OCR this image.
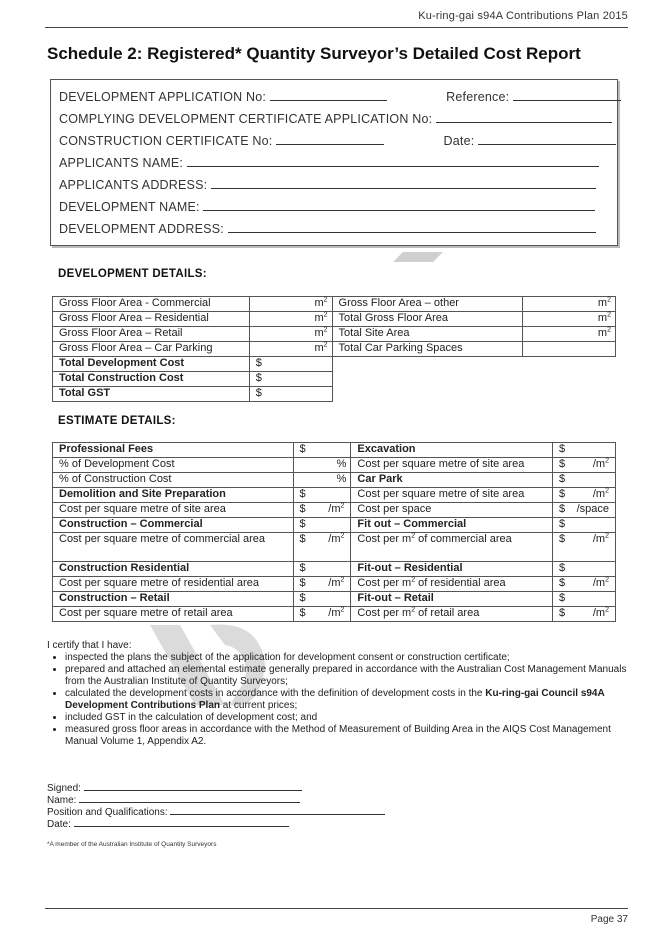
Ku-ring-gai s94A Contributions Plan 2015
Schedule 2: Registered* Quantity Surveyor’s Detailed Cost Report
DEVELOPMENT APPLICATION No:	Reference:
COMPLYING DEVELOPMENT CERTIFICATE APPLICATION No:
CONSTRUCTION CERTIFICATE No:	Date:
APPLICANTS NAME:
APPLICANTS ADDRESS:
DEVELOPMENT NAME:
DEVELOPMENT ADDRESS:
DEVELOPMENT DETAILS:
Gross Floor Area - Commercial	$m^2$	Gross Floor Area – other	$m^2$
Gross Floor Area – Residential	$m^2$	Total Gross Floor Area	$m^2$
Gross Floor Area – Retail	$m^2$	Total Site Area	$m^2$
Gross Floor Area – Car Parking	$m^2$	Total Car Parking Spaces	
Total Development Cost	$		
Total Construction Cost	$		
Total GST	$		
ESTIMATE DETAILS:
Professional Fees	$	Excavation	$
% of Development Cost	%	Cost per square metre of site area	$ $/m^2$

% of Construction Cost	%	Car Park	$
Demolition and Site Preparation	$	Cost per square metre of site area	$ $/m^2$

Cost per square metre of site area	$ $/m^2$	Cost per space	$ /space

Construction – Commercial	$	Fit out – Commercial	$
Cost per square metre of commercial area	$ $/m^2$	Cost per $m^2$ of commercial area	$ $/m^2$

Construction Residential	$	Fit-out – Residential	$
Cost per square metre of residential area	$ $/m^2$	Cost per $m^2$ of residential area	$ $/m^2$

Construction – Retail	$	Fit-out – Retail	$
Cost per square metre of retail area	$ $/m^2$	Cost per $m^2$ of retail area	$ $/m^2$
I certify that I have:
• inspected the plans the subject of the application for development consent or construction certificate;
• prepared and attached an elemental estimate generally prepared in accordance with the Australian Cost Management Manuals from the Australian Institute of Quantity Surveyors;
• calculated the development costs in accordance with the definition of development costs in the Ku-ring-gai Council s94A Development Contributions Plan at current prices;
• included GST in the calculation of development cost; and
• measured gross floor areas in accordance with the Method of Measurement of Building Area in the AIQS Cost Management Manual Volume 1, Appendix A2.
Signed:
Name:
Position and Qualifications:
Date:
*A member of the Australian Institute of Quantity Surveyors
Page 37
